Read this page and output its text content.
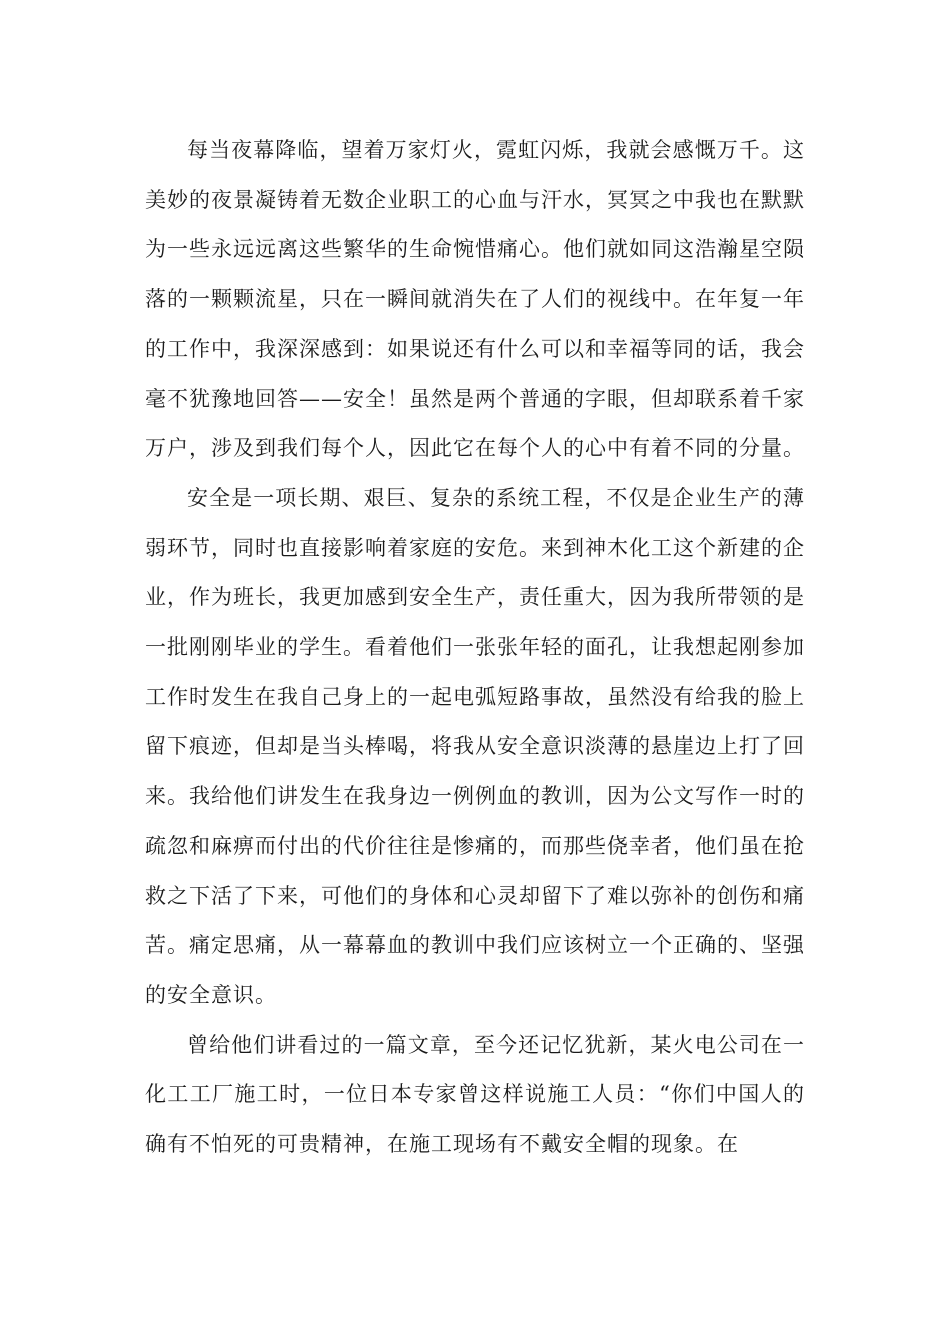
每当夜幕降临，望着万家灯火，霓虹闪烁，我就会感慨万千。这美妙的夜景凝铸着无数企业职工的心血与汗水，冥冥之中我也在默默为一些永远远离这些繁华的生命惋惜痛心。他们就如同这浩瀚星空陨落的一颗颗流星，只在一瞬间就消失在了人们的视线中。在年复一年的工作中，我深深感到：如果说还有什么可以和幸福等同的话，我会毫不犹豫地回答——安全！虽然是两个普通的字眼，但却联系着千家万户，涉及到我们每个人，因此它在每个人的心中有着不同的分量。

安全是一项长期、艰巨、复杂的系统工程，不仅是企业生产的薄弱环节，同时也直接影响着家庭的安危。来到神木化工这个新建的企业，作为班长，我更加感到安全生产，责任重大，因为我所带领的是一批刚刚毕业的学生。看着他们一张张年轻的面孔，让我想起刚参加工作时发生在我自己身上的一起电弧短路事故，虽然没有给我的脸上留下痕迹，但却是当头棒喝，将我从安全意识淡薄的悬崖边上打了回来。我给他们讲发生在我身边一例例血的教训，因为公文写作一时的疏忽和麻痹而付出的代价往往是惨痛的，而那些侥幸者，他们虽在抢救之下活了下来，可他们的身体和心灵却留下了难以弥补的创伤和痛苦。痛定思痛，从一幕幕血的教训中我们应该树立一个正确的、坚强的安全意识。

曾给他们讲看过的一篇文章，至今还记忆犹新，某火电公司在一化工工厂施工时，一位日本专家曾这样说施工人员：“你们中国人的确有不怕死的可贵精神，在施工现场有不戴安全帽的现象。在
